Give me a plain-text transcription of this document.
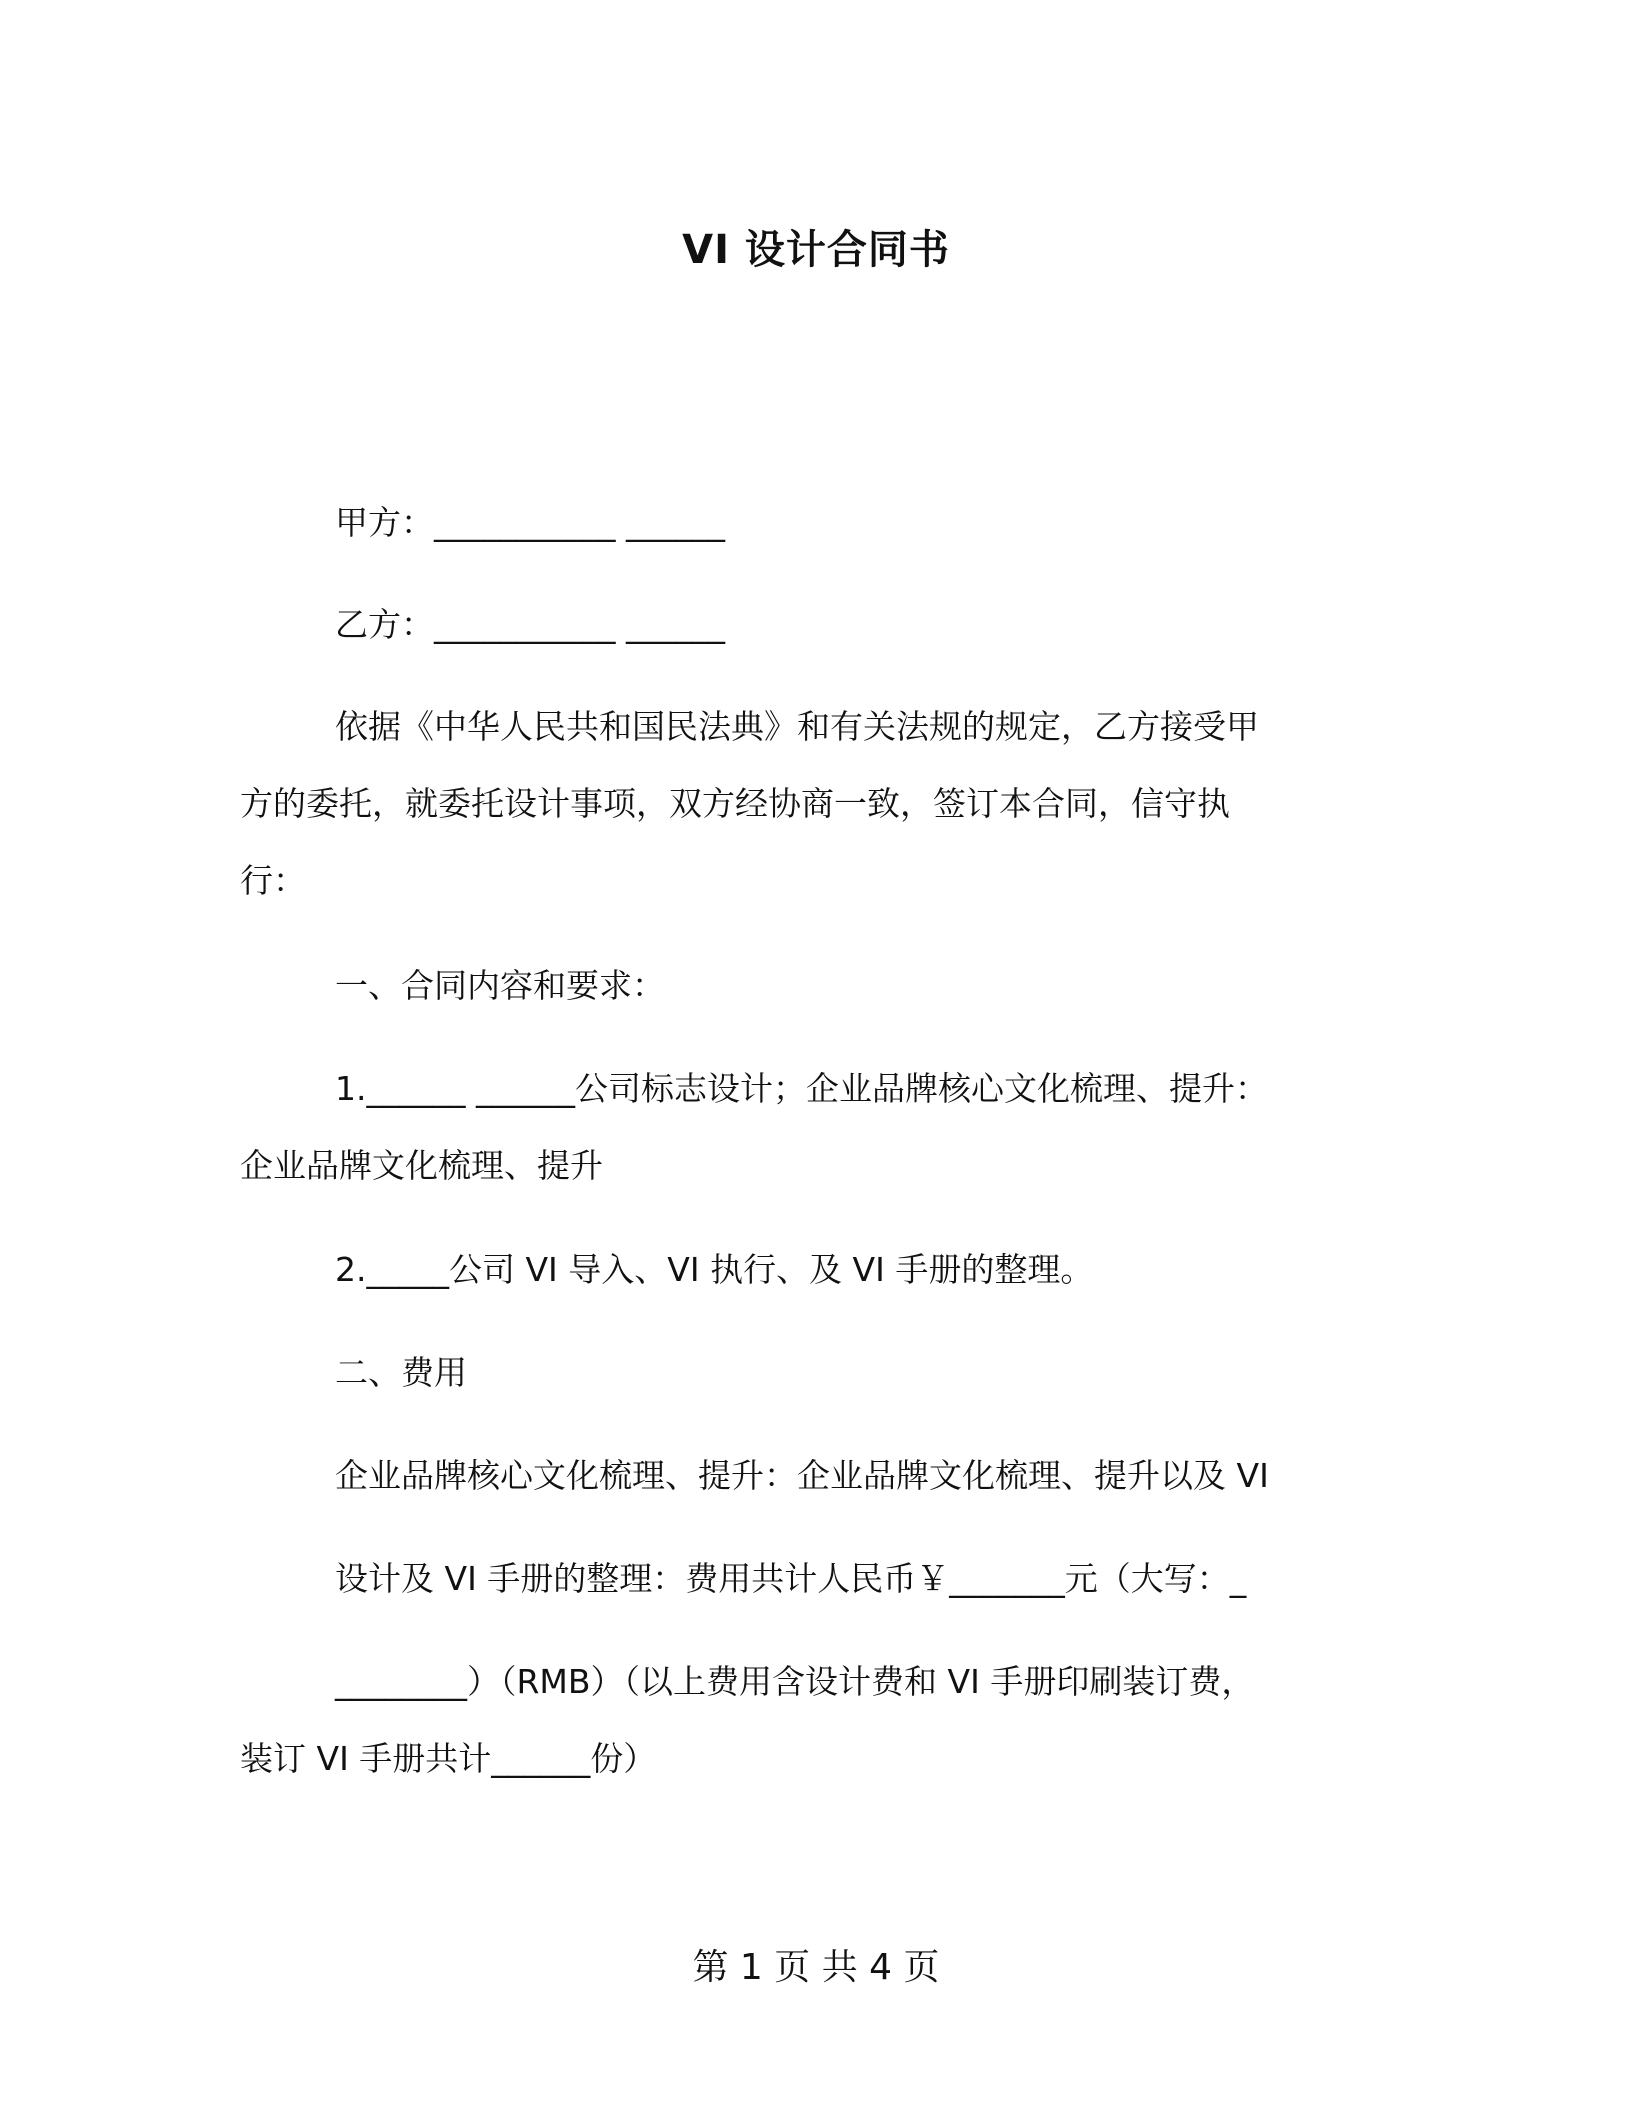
VI 设计合同书
甲方：___________ ______
乙方：___________ ______
依据《中华人民共和国民法典》和有关法规的规定，乙方接受甲
方的委托，就委托设计事项，双方经协商一致，签订本合同，信守执
行：
一、合同内容和要求：
1.______ ______公司标志设计；企业品牌核心文化梳理、提升：
企业品牌文化梳理、提升
2._____公司 VI 导入、VI 执行、及 VI 手册的整理。
二、费用
企业品牌核心文化梳理、提升：企业品牌文化梳理、提升以及 VI
设计及 VI 手册的整理：费用共计人民币￥_______元（大写：_
________）（RMB）（以上费用含设计费和 VI 手册印刷装订费，
装订 VI 手册共计______份）
第 1 页 共 4 页
